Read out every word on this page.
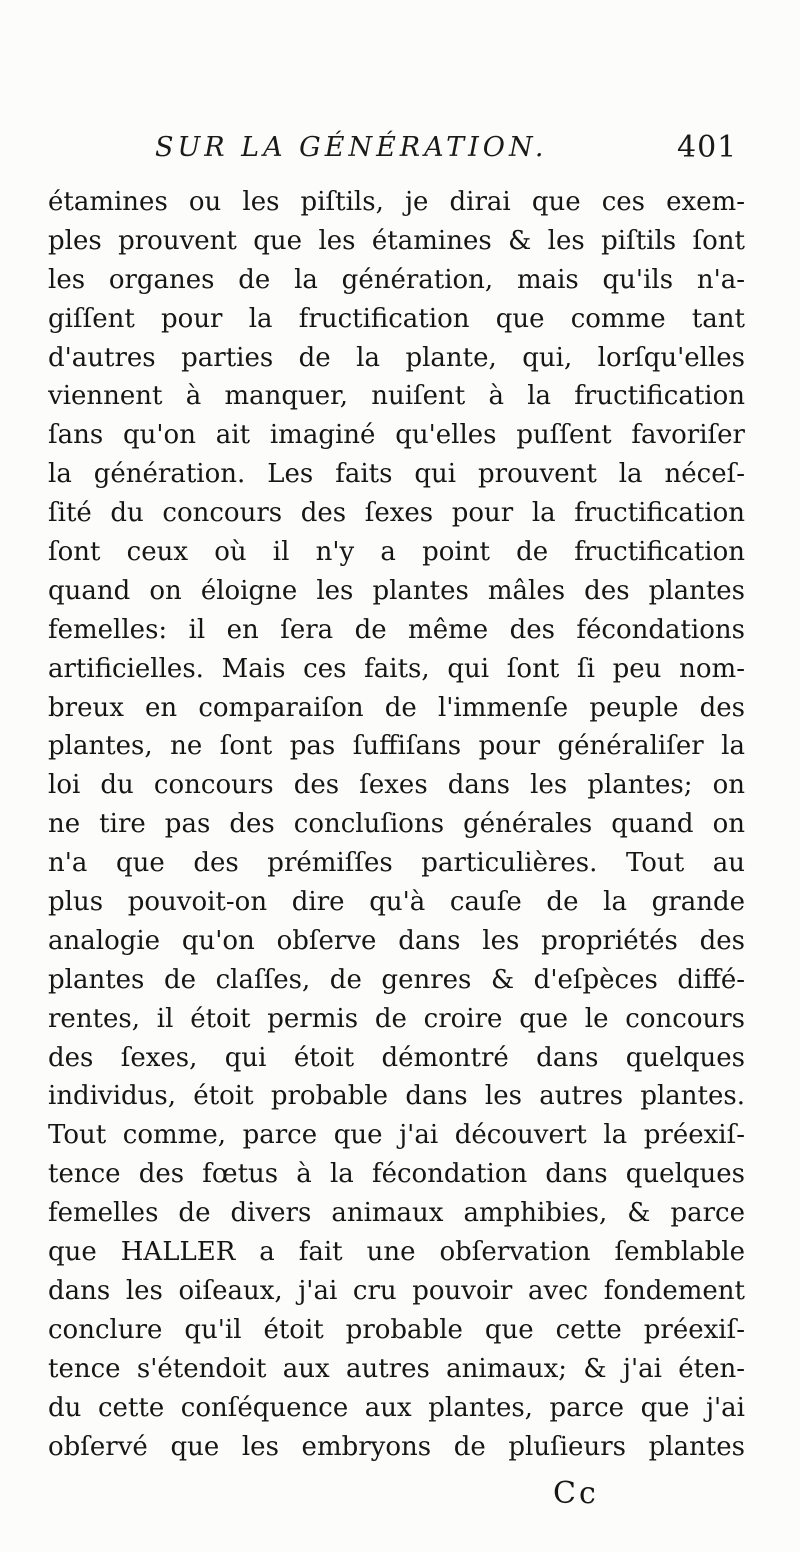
SUR LA GÉNÉRATION.	401
étamines ou les piſtils, je dirai que ces exem-
ples prouvent que les étamines & les piſtils ſont
les organes de la génération, mais qu'ils n'a-
giſſent pour la fructification que comme tant
d'autres parties de la plante, qui, lorſqu'elles
viennent à manquer, nuiſent à la fructification
ſans qu'on ait imaginé qu'elles puſſent favoriſer
la génération. Les faits qui prouvent la néceſ-
ſité du concours des ſexes pour la fructification
ſont ceux où il n'y a point de fructification
quand on éloigne les plantes mâles des plantes
femelles: il en ſera de même des fécondations
artificielles. Mais ces faits, qui ſont ſi peu nom-
breux en comparaiſon de l'immenſe peuple des
plantes, ne ſont pas ſuffiſans pour généraliſer la
loi du concours des ſexes dans les plantes; on
ne tire pas des concluſions générales quand on
n'a que des prémiſſes particulières. Tout au
plus pouvoit-on dire qu'à cauſe de la grande
analogie qu'on obſerve dans les propriétés des
plantes de claſſes, de genres & d'eſpèces diffé-
rentes, il étoit permis de croire que le concours
des ſexes, qui étoit démontré dans quelques
individus, étoit probable dans les autres plantes.
Tout comme, parce que j'ai découvert la préexiſ-
tence des fœtus à la fécondation dans quelques
femelles de divers animaux amphibies, & parce
que HALLER a fait une obſervation ſemblable
dans les oiſeaux, j'ai cru pouvoir avec fondement
conclure qu'il étoit probable que cette préexiſ-
tence s'étendoit aux autres animaux; & j'ai éten-
du cette conſéquence aux plantes, parce que j'ai
obſervé que les embryons de pluſieurs plantes
Cc
